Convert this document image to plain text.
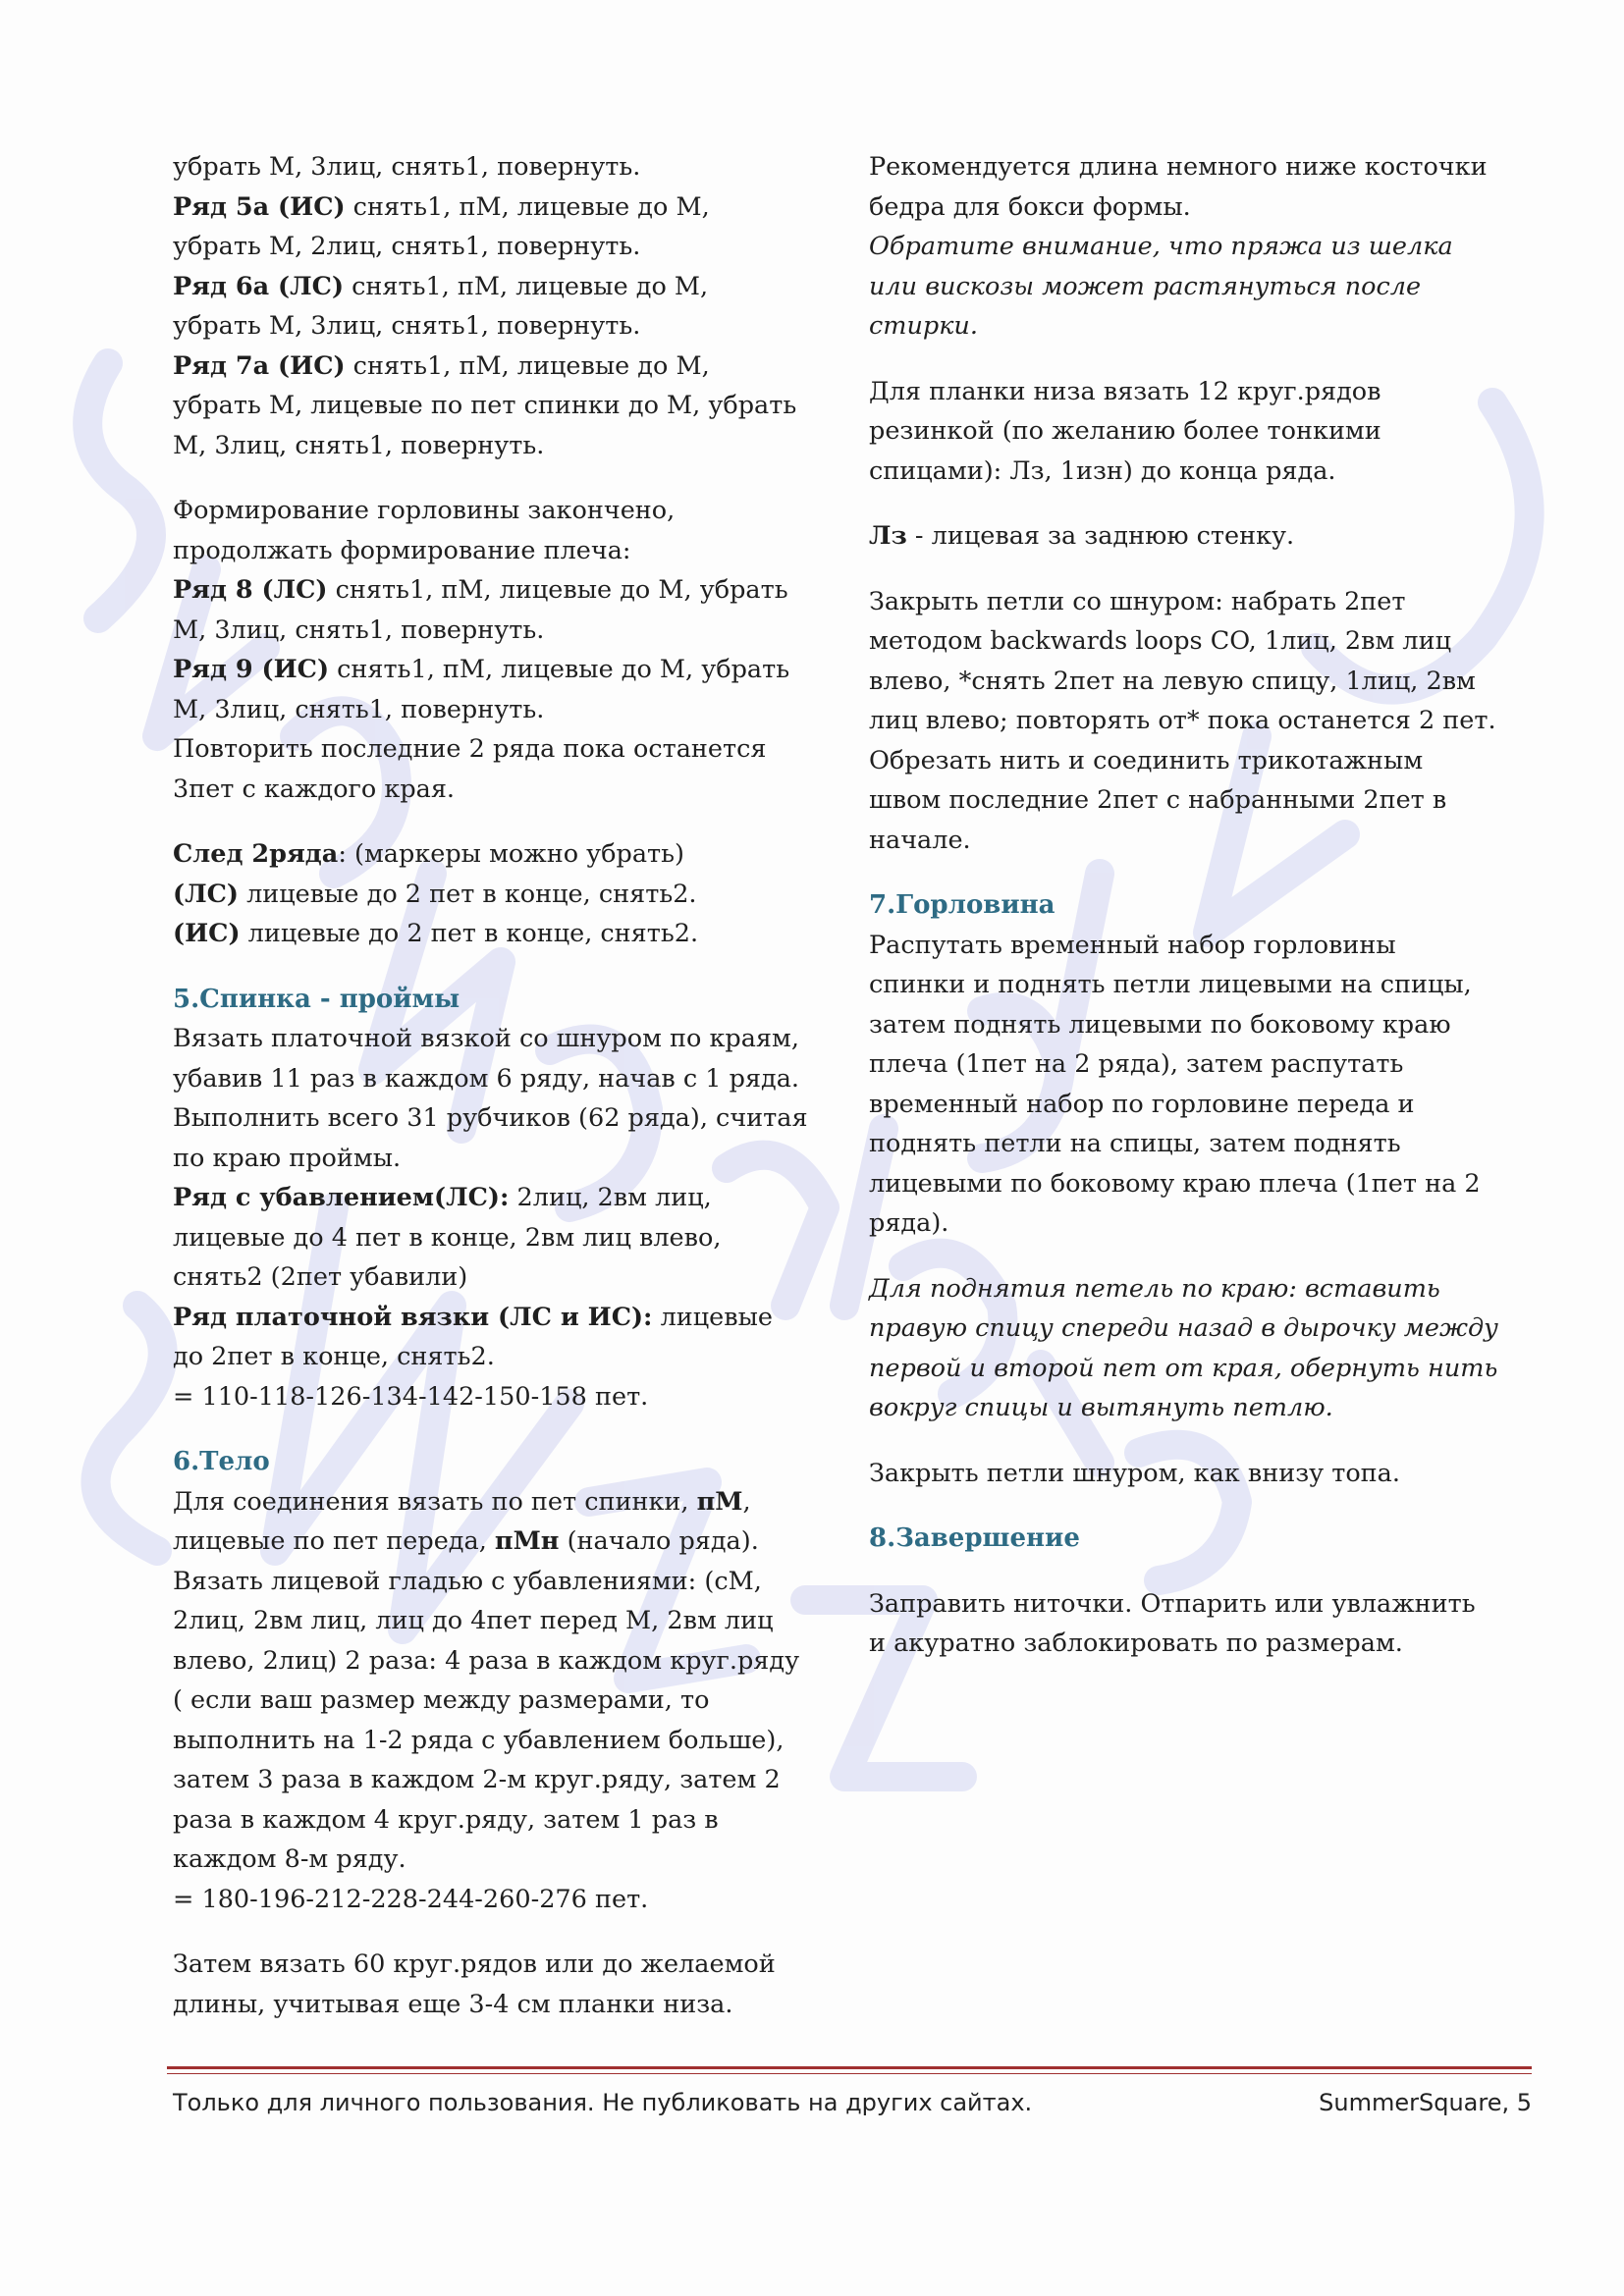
убрать М, 3лиц, снять1, повернуть.
Ряд 5а (ИС) снять1, пМ, лицевые до М,
убрать М, 2лиц, снять1, повернуть.
Ряд 6а (ЛС) снять1, пМ, лицевые до М,
убрать М, 3лиц, снять1, повернуть.
Ряд 7а (ИС) снять1, пМ, лицевые до М,
убрать М, лицевые по пет спинки до М, убрать
М, 3лиц, снять1, повернуть.

Формирование горловины закончено,
продолжать формирование плеча:
Ряд 8 (ЛС) снять1, пМ, лицевые до М, убрать
М, 3лиц, снять1, повернуть.
Ряд 9 (ИС) снять1, пМ, лицевые до М, убрать
М, 3лиц, снять1, повернуть.
Повторить последние 2 ряда пока останется
3пет с каждого края.

След 2ряда: (маркеры можно убрать)
(ЛС) лицевые до 2 пет в конце, снять2.
(ИС) лицевые до 2 пет в конце, снять2.

5.Спинка - проймы
Вязать платочной вязкой со шнуром по краям,
убавив 11 раз в каждом 6 ряду, начав с 1 ряда.
Выполнить всего 31 рубчиков (62 ряда), считая
по краю проймы.
Ряд с убавлением(ЛС): 2лиц, 2вм лиц,
лицевые до 4 пет в конце, 2вм лиц влево,
снять2 (2пет убавили)
Ряд платочной вязки (ЛС и ИС): лицевые
до 2пет в конце, снять2.
= 110-118-126-134-142-150-158 пет.

6.Тело
Для соединения вязать по пет спинки, пМ,
лицевые по пет переда, пМн (начало ряда).
Вязать лицевой гладью с убавлениями: (сМ,
2лиц, 2вм лиц, лиц до 4пет перед М, 2вм лиц
влево, 2лиц) 2 раза: 4 раза в каждом круг.ряду
( если ваш размер между размерами, то
выполнить на 1-2 ряда с убавлением больше),
затем 3 раза в каждом 2-м круг.ряду, затем 2
раза в каждом 4 круг.ряду, затем 1 раз в
каждом 8-м ряду.
= 180-196-212-228-244-260-276 пет.

Затем вязать 60 круг.рядов или до желаемой
длины, учитывая еще 3-4 см планки низа.

Рекомендуется длина немного ниже косточки
бедра для бокси формы.
Обратите внимание, что пряжа из шелка
или вискозы может растянуться после
стирки.

Для планки низа вязать 12 круг.рядов
резинкой (по желанию более тонкими
спицами): Лз, 1изн) до конца ряда.

Лз - лицевая за заднюю стенку.

Закрыть петли со шнуром: набрать 2пет
методом backwards loops CO, 1лиц, 2вм лиц
влево, *снять 2пет на левую спицу, 1лиц, 2вм
лиц влево; повторять от* пока останется 2 пет.
Обрезать нить и соединить трикотажным
швом последние 2пет с набранными 2пет в
начале.

7.Горловина
Распутать временный набор горловины
спинки и поднять петли лицевыми на спицы,
затем поднять лицевыми по боковому краю
плеча (1пет на 2 ряда), затем распутать
временный набор по горловине переда и
поднять петли на спицы, затем поднять
лицевыми по боковому краю плеча (1пет на 2
ряда).

Для поднятия петель по краю: вставить
правую спицу спереди назад в дырочку между
первой и второй пет от края, обернуть нить
вокруг спицы и вытянуть петлю.

Закрыть петли шнуром, как внизу топа.

8.Завершение
Заправить ниточки. Отпарить или увлажнить
и акуратно заблокировать по размерам.

Только для личного пользования. Не публиковать на других сайтах.	SummerSquare, 5
